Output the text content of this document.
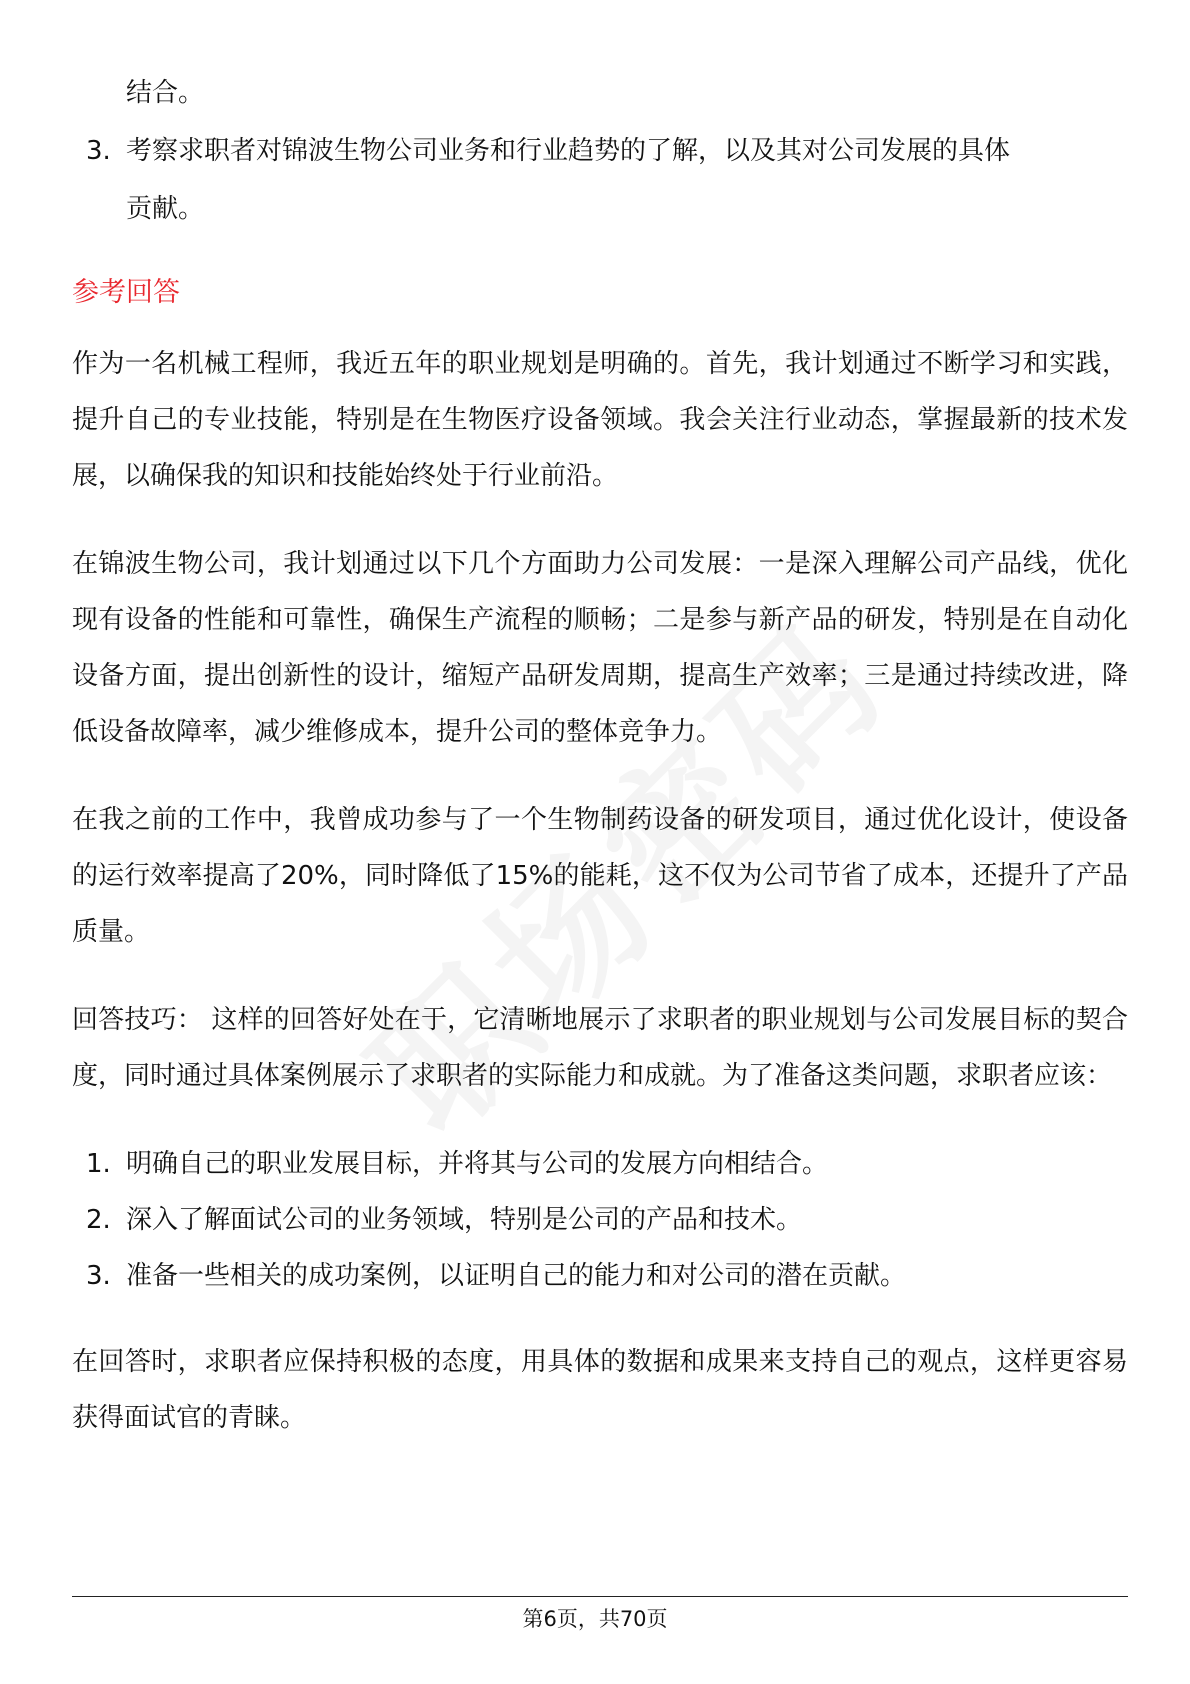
结合。

3. 考察求职者对锦波生物公司业务和行业趋势的了解，以及其对公司发展的具体

贡献。

参考回答

作为一名机械工程师，我近五年的职业规划是明确的。首先，我计划通过不断学习和实践，提升自己的专业技能，特别是在生物医疗设备领域。我会关注行业动态，掌握最新的技术发展，以确保我的知识和技能始终处于行业前沿。

在锦波生物公司，我计划通过以下几个方面助力公司发展：一是深入理解公司产品线，优化现有设备的性能和可靠性，确保生产流程的顺畅；二是参与新产品的研发，特别是在自动化设备方面，提出创新性的设计，缩短产品研发周期，提高生产效率；三是通过持续改进，降低设备故障率，减少维修成本，提升公司的整体竞争力。

在我之前的工作中，我曾成功参与了一个生物制药设备的研发项目，通过优化设计，使设备的运行效率提高了20%，同时降低了15%的能耗，这不仅为公司节省了成本，还提升了产品质量。

回答技巧： 这样的回答好处在于，它清晰地展示了求职者的职业规划与公司发展目标的契合度，同时通过具体案例展示了求职者的实际能力和成就。为了准备这类问题，求职者应该：

1. 明确自己的职业发展目标，并将其与公司的发展方向相结合。
2. 深入了解面试公司的业务领域，特别是公司的产品和技术。
3. 准备一些相关的成功案例，以证明自己的能力和对公司的潜在贡献。

在回答时，求职者应保持积极的态度，用具体的数据和成果来支持自己的观点，这样更容易获得面试官的青睐。

第6页，共70页
